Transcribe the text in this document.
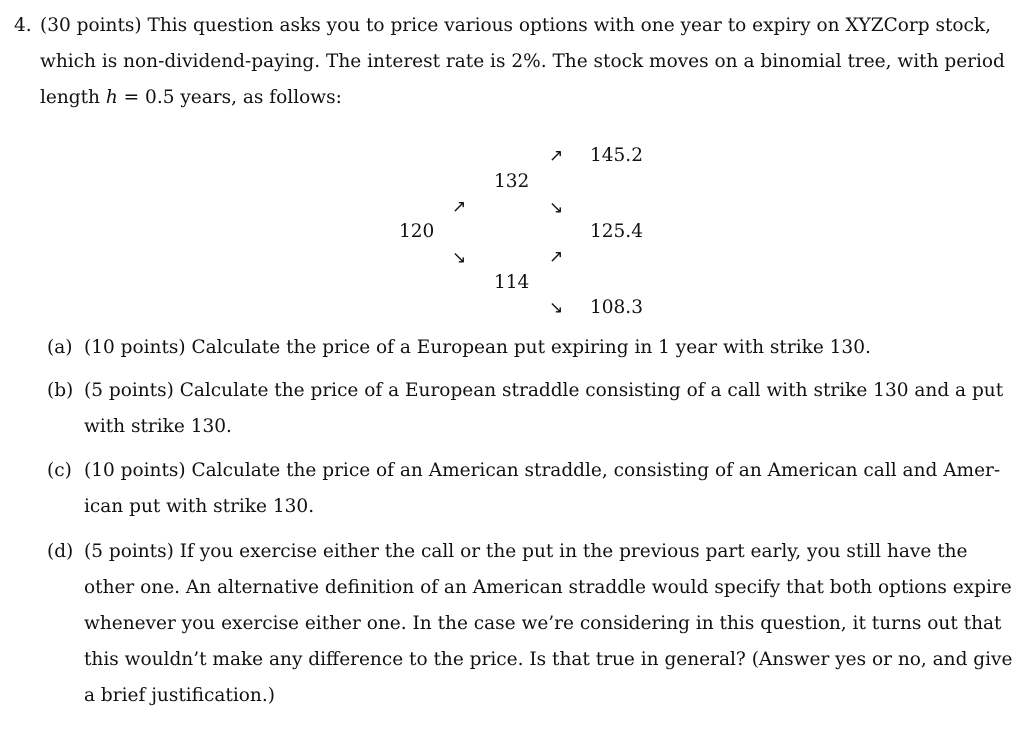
4. (30 points) This question asks you to price various options with one year to expiry on XYZCorp stock,
which is non-dividend-paying. The interest rate is 2%. The stock moves on a binomial tree, with period
length h = 0.5 years, as follows:
120
132
114
145.2
125.4
108.3
↗
↘
↗
↘
↗
↘
(a) (10 points) Calculate the price of a European put expiring in 1 year with strike 130.
(b) (5 points) Calculate the price of a European straddle consisting of a call with strike 130 and a put
with strike 130.
(c) (10 points) Calculate the price of an American straddle, consisting of an American call and Amer-
ican put with strike 130.
(d) (5 points) If you exercise either the call or the put in the previous part early, you still have the
other one. An alternative definition of an American straddle would specify that both options expire
whenever you exercise either one. In the case we’re considering in this question, it turns out that
this wouldn’t make any difference to the price. Is that true in general? (Answer yes or no, and give
a brief justification.)
